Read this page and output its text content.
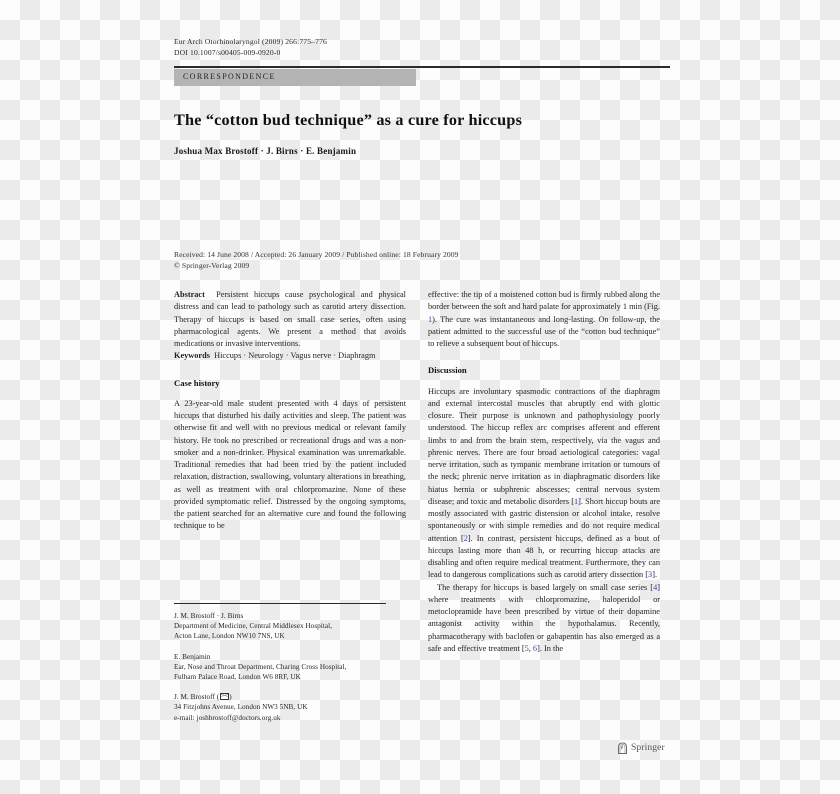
Eur Arch Otorhinolaryngol (2009) 266:775–776
DOI 10.1007/s00405-009-0920-0
CORRESPONDENCE
The “cotton bud technique” as a cure for hiccups
Joshua Max Brostoff · J. Birns · E. Benjamin
Received: 14 June 2008 / Accepted: 26 January 2009 / Published online: 18 February 2009
© Springer-Verlag 2009

Abstract Persistent hiccups cause psychological and physical distress and can lead to pathology such as carotid artery dissection. Therapy of hiccups is based on small case series, often using pharmacological agents. We present a method that avoids medications or invasive interventions.

Keywords Hiccups · Neurology · Vagus nerve · Diaphragm

Case history

A 23-year-old male student presented with 4 days of persistent hiccups that disturbed his daily activities and sleep. The patient was otherwise fit and well with no previous medical or relevant family history. He took no prescribed or recreational drugs and was a non-smoker and a non-drinker. Physical examination was unremarkable. Traditional remedies that had been tried by the patient included relaxation, distraction, swallowing, voluntary alterations in breathing, as well as treatment with oral chlorpromazine. None of these provided symptomatic relief. Distressed by the ongoing symptoms, the patient searched for an alternative cure and found the following technique to be

effective: the tip of a moistened cotton bud is firmly rubbed along the border between the soft and hard palate for approximately 1 min (Fig. 1). The cure was instantaneous and long-lasting. On follow-up, the patient admitted to the successful use of the “cotton bud technique” to relieve a subsequent bout of hiccups.

Discussion

Hiccups are involuntary spasmodic contractions of the diaphragm and external intercostal muscles that abruptly end with glottic closure. Their purpose is unknown and pathophysiology poorly understood. The hiccup reflex arc comprises afferent and efferent limbs to and from the brain stem, respectively, via the vagus and phrenic nerves. There are four broad aetiological categories: vagal nerve irritation, such as tympanic membrane irritation or tumours of the neck; phrenic nerve irritation as in diaphragmatic disorders like hiatus hernia or subphrenic abscesses; central nervous system disease; and toxic and metabolic disorders [1]. Short hiccup bouts are mostly associated with gastric distension or alcohol intake, resolve spontaneously or with simple remedies and do not require medical attention [2]. In contrast, persistent hiccups, defined as a bout of hiccups lasting more than 48 h, or recurring hiccup attacks are disabling and often require medical treatment. Furthermore, they can lead to dangerous complications such as carotid artery dissection [3].

The therapy for hiccups is based largely on small case series [4] where treatments with chlorpromazine, haloperidol or metoclopramide have been prescribed by virtue of their dopamine antagonist activity within the hypothalamus. Recently, pharmacotherapy with baclofen or gabapentin has also emerged as a safe and effective treatment [5, 6]. In the

J. M. Brostoff · J. Birns
Department of Medicine, Central Middlesex Hospital,
Acton Lane, London NW10 7NS, UK
E. Benjamin
Ear, Nose and Throat Department, Charing Cross Hospital,
Fulham Palace Road, London W6 8RF, UK
J. M. Brostoff ( )
34 Fitzjohns Avenue, London NW3 5NB, UK
e-mail: joshbrostoff@doctors.org.uk
Springer
